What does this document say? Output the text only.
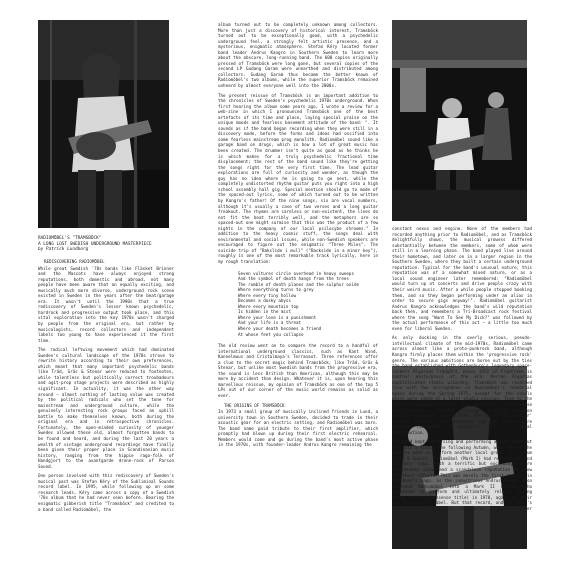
RADIOMÖBEL'S "TRAMSBÖCK"
A LONG LOST SWEDISH UNDERGROUND MASTERPIECE
by Patrick Lundborg

REDISCOVERING RADIOMÖBEL

While great Swedish '70s bands like Fläsket Brinner and the Mascots have always enjoyed strong reputations, both domestic and abroad, not many people have been aware that an equally exciting, and musically much more diverse, underground rock scene existed in Sweden in the years after the beat/garage era. It wasn't until the 1990s that a true rediscovery of Sweden's lesser known psychedelic, hardrock and progressive output took place, and this vital exploration into the key 1970s wasn't charged by people from the original era, but rather by musicologists, record collectors and independent labels too young to have experienced it the first time.

The radical leftwing movement which had dominated Sweden's cultural landscape of the 1970s strove to rewrite history according to their own preferences, which meant that many important psychedelic bands like Träd, Gräs & Stenar were reduced to footnotes, while talentless but politically correct troubadours and agit-prop stage projects were described as highly significant. In actuality, it was the other way around – almost nothing of lasting value was created by the political radicals who set the tone for mainstream and underground culture, while the genuinely interesting rock groups faced an uphill battle to make themselves known, both during the original era and in retrospective chronicles. Fortunately, the open-minded curiosity of younger Swedes allowed these old, almost forgotten bands to be found and heard, and during the last 20 years a wealth of vintage underground recordings have finally been given their proper place in Scandinavian music history, ranging from the hippie raga-folk of Handgjort to the avantgarde drone-rock of Parson Sound.

One person involved with this rediscovery of Sweden's musical past was Stefan Kéry of the Subliminal Sounds record label. In 1995, while following up on some research leads, Kéry came across a copy of a Swedish '70s album that he had never seen before. Bearing the enigmatic gibberish title "Tramsböck" and credited to a band called Radiomöbel, the

album turned out to be completely unknown among collectors. More than just a discovery of historical interest, Tramsböck turned out to be exceptionally good, with a psychedelic underground feel, a strongly felt artistic presence, and a mysterious, enigmatic atmosphere. Stefan Kéry located former band leader Andrus Kangro in Southern Sweden to learn more about the obscure, long-running band. The 600 copies originally pressed of Tramsböck were long gone, but several copies of the second LP Gudang Garam were unearthed and distributed among collectors. Gudang Garam thus became the better known of Radiomöbel's two albums, while the superior Tramsböck remained unheard by almost everyone well into the 2000s.

The present reissue of Tramsböck is an important addition to the chronicles of Sweden's psychedelic 1970s underground. When first hearing the album some years ago, I wrote a review for a web-zine in which I pronounced Tramsböck one of the best artefacts of its time and place, laying special praise on the unique moods and fearless basement attitude of the band: ". It sounds as if the band began recording when they were still in a discovery mode, before the forms and ideas had ossified into some fearless mainstream prog monolith. Radiomöbel sound like a garage band on drugs, which is how a lot of great music has been created. The drummer isn't quite as good as he thinks he is which makes for a truly psychedelic fractional time displacement; the rest of the band sound like they're getting the songs right for the very first time. The lead guitar explorations are full of curiosity and wonder, as though the guy has no idea where he is going to go next, while the completely undistorted rhythm guitar puts you right into a high school assembly hall gig. Special mention should go to mode of the spaced-out lyrics, some of which turned out to be written by Kangro's father! Of the nine songs, six are vocal numbers, although it's usually a case of two verses and a long guitar freakout. The rhymes are careless or non-existent, the lines do not fit the beat terribly well, and the metaphors are so spaced-out one might surmise that this was the product of a few nights in the company of our local psilocybe shrooms." In addition to the heavy cosmic stuff, the songs deal with environmental and social issues, while non-Swedish speakers are encouraged to figure out the enigmatic "Three Miles". The suicide trip of "Bakslide i mull" ("Backside in a minor key"), roughly is one of the most remarkable track lyrically, here in my rough translation:

Seven vultures circle overhead in heavy sweeps
And the symbol of death hangs from the trees
The rumble of death planes and the sulphur oxide
Where everything turns to grey
Where every tiny hollow
Becomes a dusky abyss
Where every mountain top
Is hidden in the mist
Where your love is a punishment
And your life is a threat
Where your death becomes a friend
At whose feet you collapse

The old review went on to compare the record to a handful of international underground classics, such as Kant Wind, Kannelmuus and Cristalmaya's Terranaut. Three references offer a clue to the secret magic behind Tramsböck; like Träd, Gräs & Stenar, but unlike most Swedish bands from the progressive era, the sound is less British than American, although this may be more by accident than design. Whatever it is, upon hearing this marvellous reissue, my opinion of Tramsböck as one of the top 5 LPs out of our corner of the music world remains as solid as ever.

THE ORIGINS OF TRAMSBÖCK

In 1973 a small group of musically inclined friends in Lund, a university town in Southern Sweden, decided to trade in their acoustic gear for an electric setting, and Radiomöbel was born. The band name paid tribute to their first amplifier, which promptly had blown up during their first electric rehearsal. Members would come and go during the band's most active phase in the 1970s, with founder-leader Andrus Kangro remaining the

constant nexus and engine. None of the members had recorded anything prior to Radiomöbel, and as Tramsböck delightfully shows, the musical prowess differed substantially between the members, some of whom were still in a learning phase. The band played live around their hometown, and later on in a larger region in the Southern Sweden, where they built a certain underground reputation. Typical for the band's unusual nature, this reputation was of a somewhat mixed nature, or as a local sound engineer later remembered: "Radiomöbel would turn up at concerts and drive people crazy with their weird music. After a while people stopped booking them, and so they began performing under an alias in order to secure gigs anyway!". Radiomöbel guitarist Andrus Kangro acknowledges the band's wild reputation back then, and remembers a Tri-Broadcast rock festival where the song "Want To See My Dick?" was followed by the actual performance of this act – a little too much even for liberal Sweden.

As only ducking in the overly serious, pseudo-intellectual climate of the mid-1970s, Radiomöbel came across almost like a proto-punkrock band, although Kangro firmly places them within the 'progressive rock' genre. The various ambitions are borne out by the ties the band established with Gothenburg's legendary space-rockers Älgarnas Trädgård, whose 1972 LP Framtiden is another masterpiece of the era. Kerran Älgarnas sophisticated studio wizardry, Tramsböck was recorded live with two microphones in Radiomöbel's rehearsal space during the Spring 1975, except for the vocals which were added at a later studio session. True to the band's independent spirit, they decided to self-release the album as a 'private pressing', a fairly uncommon practice in Sweden at the time. The label 'Chockskivor' ("shock records") was invented and 600 copies were pressed (including a booklet), with no formal distribution.

The band kept rehearsing and performing around Lund but ran into a hiatus the following Autumn, when two of the members went on to form another local group, Trä & Rum (Time & Space). Radiomöbel (Mark I) had reached the end of their saga, with a terrific but exceedingly rare independent album and a scandalous reputation to show for their efforts. This was merely the first chapter in the band's saga, as the industrious Andrus Kangro soon reformed Radiomöbel into a Mark II outfit, who continued to perform and ultimately release Gudang Garam (another nonsense title) in 1978, again on their own Chockskivor label. But that record, and the band's activities in the 1980s, is another tale for another time. – END
